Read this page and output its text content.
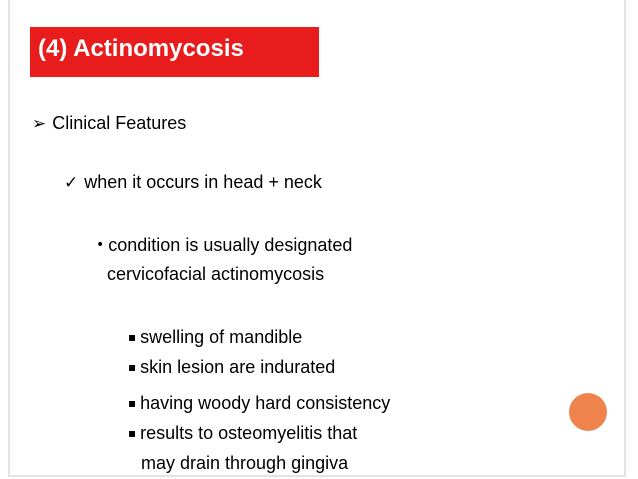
(4) Actinomycosis
➢ Clinical Features
✓ when it occurs in head + neck
• condition is usually designated
cervicofacial actinomycosis
▪ swelling of mandible
▪ skin lesion are indurated
▪ having woody hard consistency
▪ results to osteomyelitis that
may drain through gingiva
